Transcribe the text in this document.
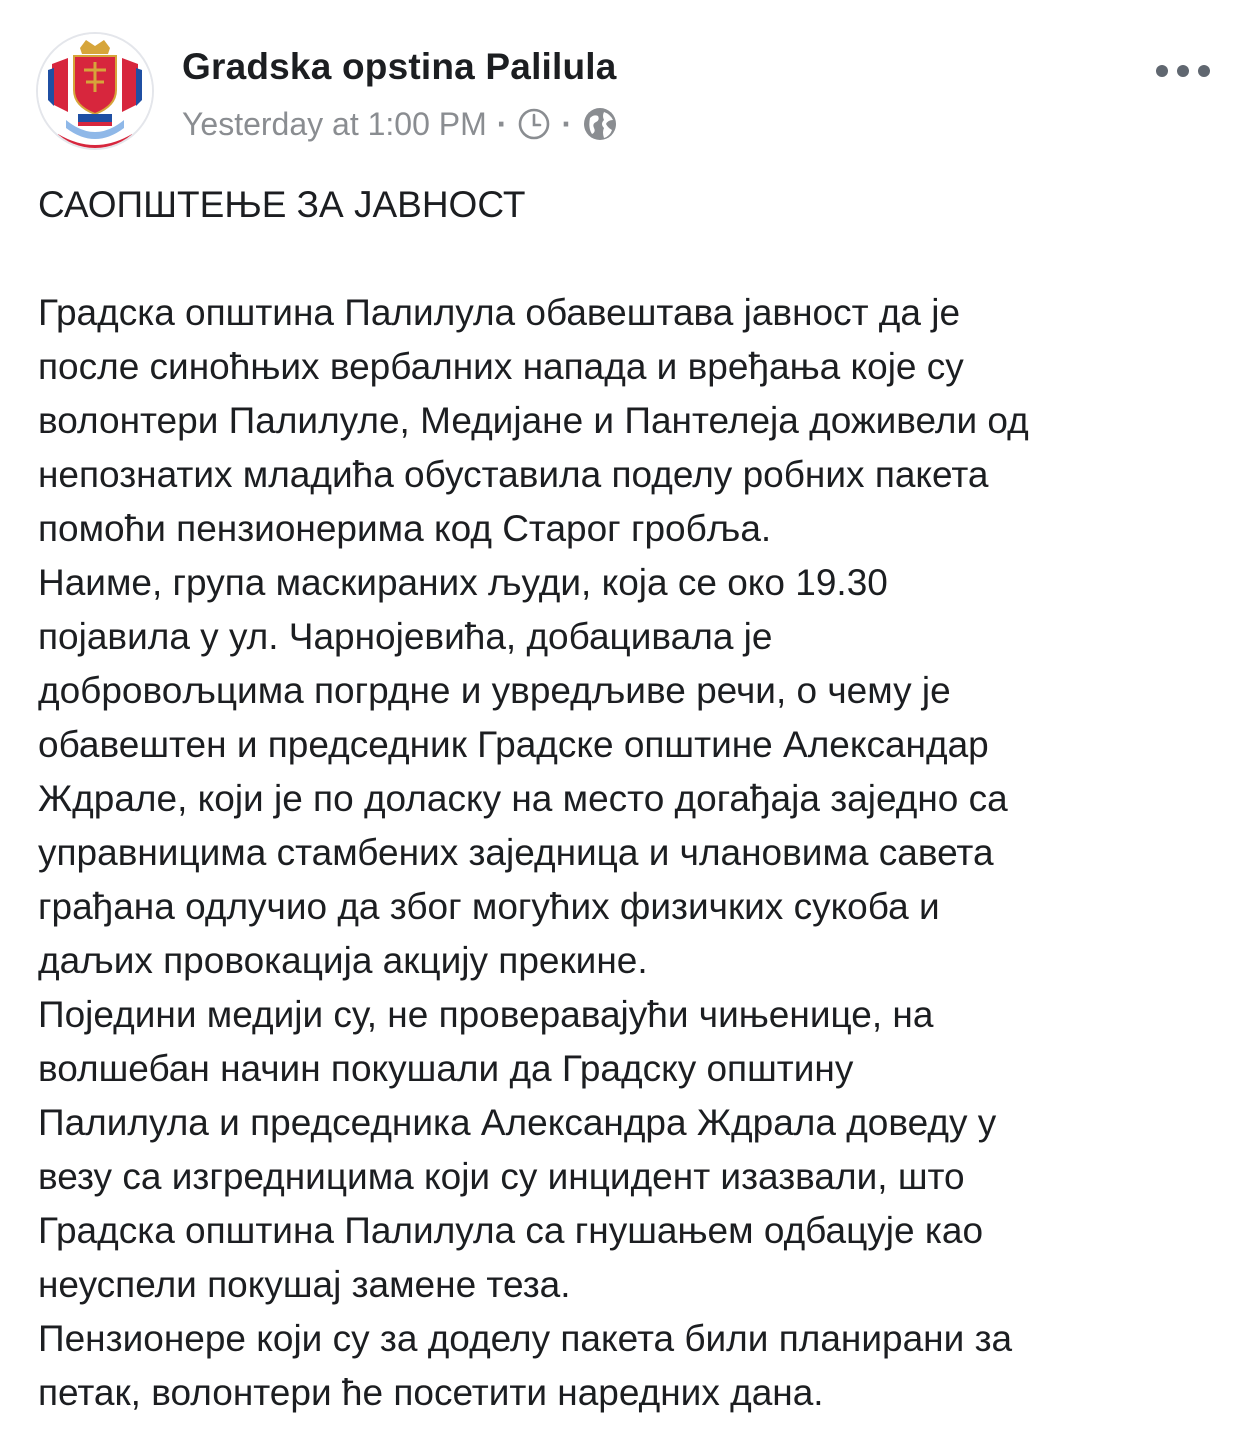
Gradska opstina Palilula
Yesterday at 1:00 PM · ·

САОПШТЕЊЕ ЗА ЈАВНОСТ

Градска општина Палилула обавештава јавност да је
после синоћњих вербалних напада и вређања које су
волонтери Палилуле, Медијане и Пантелеја доживели од
непознатих младића обуставила поделу робних пакета
помоћи пензионерима код Старог гробља.

Наиме, група маскираних људи, која се око 19.30
појавила у ул. Чарнојевића, добацивала је
добровољцима погрдне и увредљиве речи, о чему је
обавештен и председник Градске општине Александар
Ждрале, који је по доласку на место догађаја заједно са
управницима стамбених заједница и члановима савета
грађана одлучио да због могућих физичких сукоба и
даљих провокација акцију прекине.

Поједини медији су, не проверавајући чињенице, на
волшебан начин покушали да Градску општину
Палилула и председника Александра Ждрала доведу у
везу са изгредницима који су инцидент изазвали, што
Градска општина Палилула са гнушањем одбацује као
неуспели покушај замене теза.

Пензионере који су за доделу пакета били планирани за
петак, волонтери ће посетити наредних дана.
